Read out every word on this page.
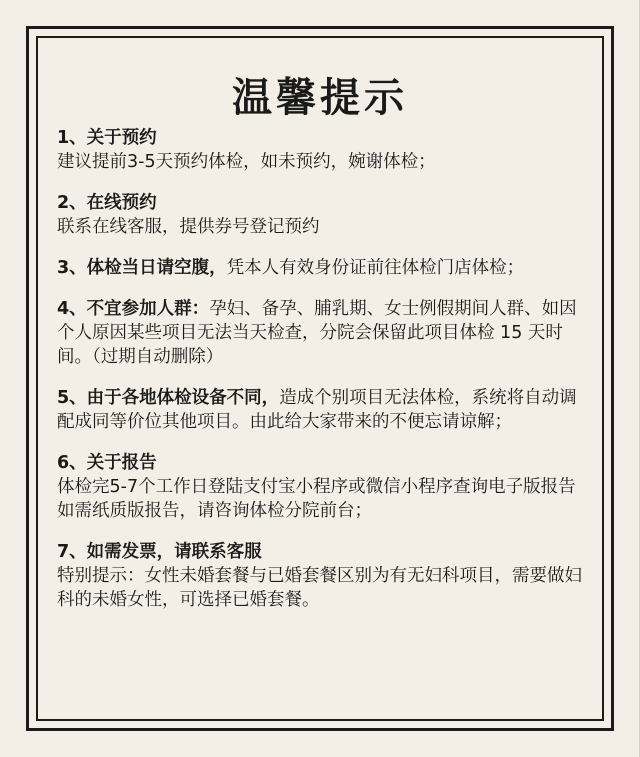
温馨提示
1、关于预约
建议提前3-5天预约体检，如未预约，婉谢体检；
2、在线预约
联系在线客服，提供券号登记预约
3、体检当日请空腹，凭本人有效身份证前往体检门店体检；
4、不宜参加人群：孕妇、备孕、脯乳期、女士例假期间人群、如因个人原因某些项目无法当天检查，分院会保留此项目体检 15 天时间。（过期自动删除）
5、由于各地体检设备不同，造成个别项目无法体检，系统将自动调配成同等价位其他项目。由此给大家带来的不便忘请谅解；
6、关于报告
体检完5-7个工作日登陆支付宝小程序或微信小程序查询电子版报告如需纸质版报告，请咨询体检分院前台；
7、如需发票，请联系客服
特别提示：女性未婚套餐与已婚套餐区别为有无妇科项目，需要做妇科的未婚女性，可选择已婚套餐。
